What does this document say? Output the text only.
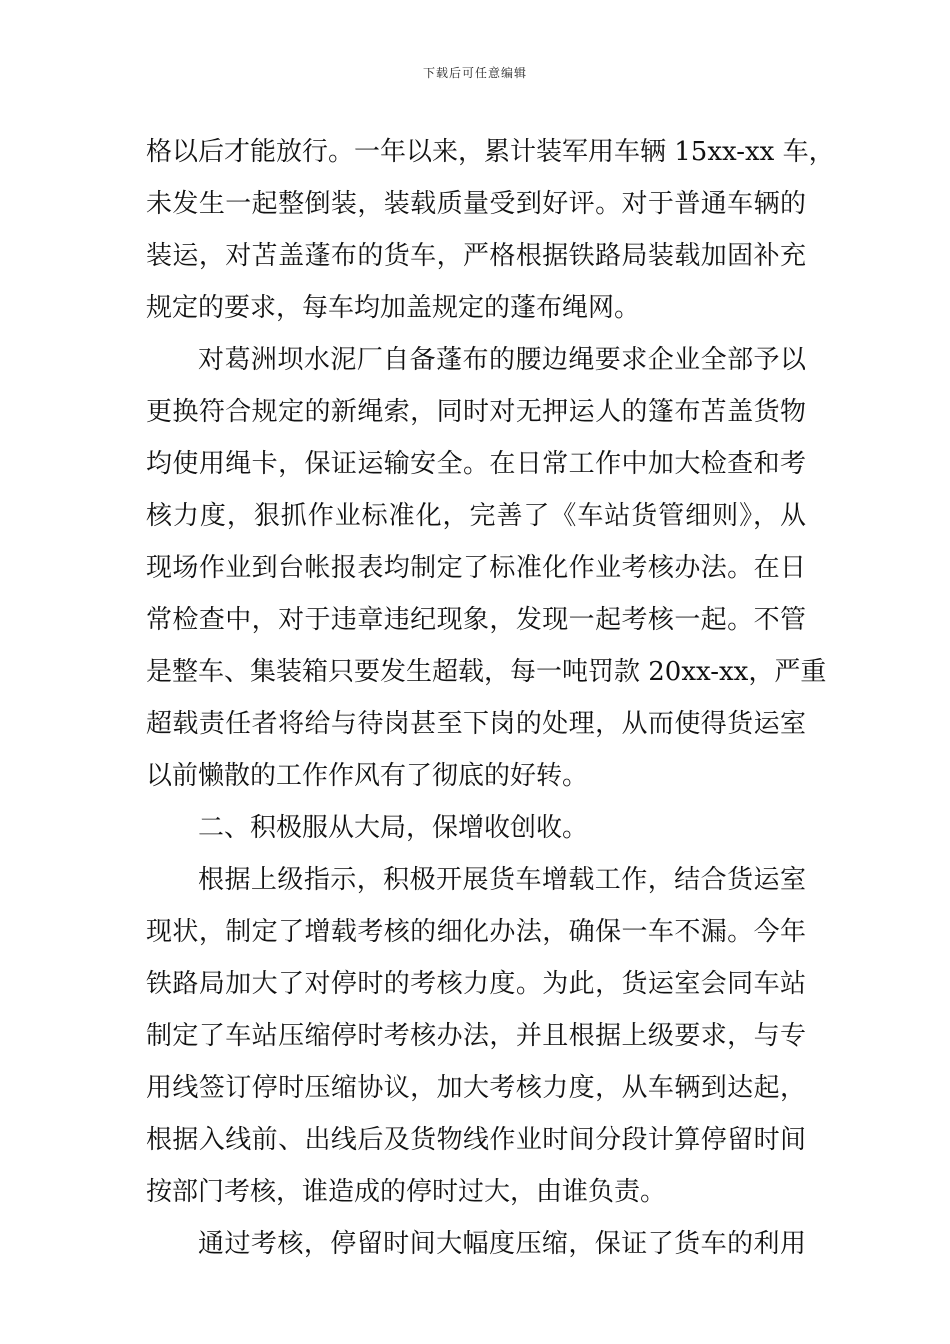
下载后可任意编辑
格以后才能放行。一年以来，累计装军用车辆 15xx-xx 车，
未发生一起整倒装，装载质量受到好评。对于普通车辆的
装运，对苫盖蓬布的货车，严格根据铁路局装载加固补充
规定的要求，每车均加盖规定的蓬布绳网。
对葛洲坝水泥厂自备蓬布的腰边绳要求企业全部予以
更换符合规定的新绳索，同时对无押运人的篷布苫盖货物
均使用绳卡，保证运输安全。在日常工作中加大检查和考
核力度，狠抓作业标准化，完善了《车站货管细则》，从
现场作业到台帐报表均制定了标准化作业考核办法。在日
常检查中，对于违章违纪现象，发现一起考核一起。不管
是整车、集装箱只要发生超载，每一吨罚款 20xx-xx，严重
超载责任者将给与待岗甚至下岗的处理，从而使得货运室
以前懒散的工作作风有了彻底的好转。
二、积极服从大局，保增收创收。
根据上级指示，积极开展货车增载工作，结合货运室
现状，制定了增载考核的细化办法，确保一车不漏。今年
铁路局加大了对停时的考核力度。为此，货运室会同车站
制定了车站压缩停时考核办法，并且根据上级要求，与专
用线签订停时压缩协议，加大考核力度，从车辆到达起，
根据入线前、出线后及货物线作业时间分段计算停留时间
按部门考核，谁造成的停时过大，由谁负责。
通过考核，停留时间大幅度压缩，保证了货车的利用
